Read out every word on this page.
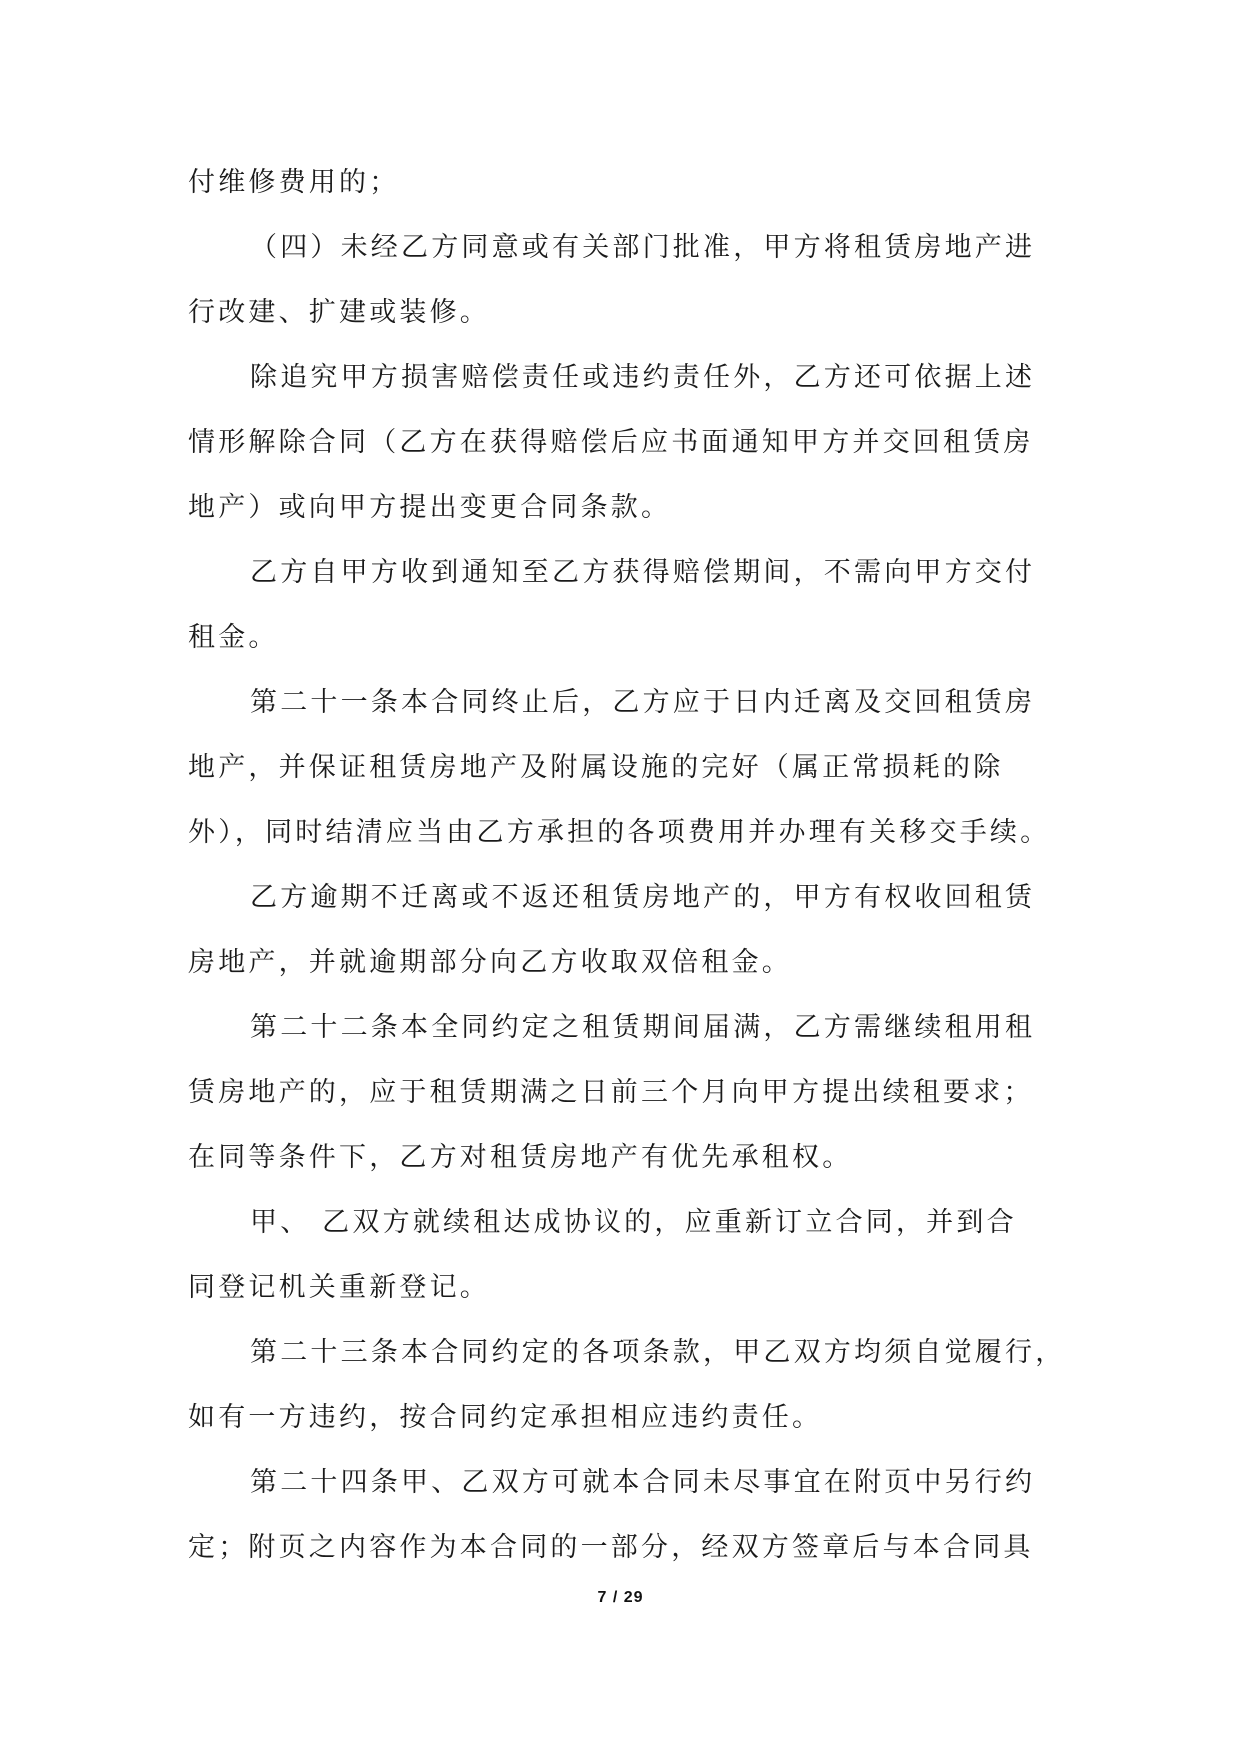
付维修费用的；

（四）未经乙方同意或有关部门批准，甲方将租赁房地产进
行改建、扩建或装修。

除追究甲方损害赔偿责任或违约责任外，乙方还可依据上述
情形解除合同（乙方在获得赔偿后应书面通知甲方并交回租赁房
地产）或向甲方提出变更合同条款。

乙方自甲方收到通知至乙方获得赔偿期间，不需向甲方交付
租金。

第二十一条本合同终止后，乙方应于日内迁离及交回租赁房
地产，并保证租赁房地产及附属设施的完好（属正常损耗的除
外），同时结清应当由乙方承担的各项费用并办理有关移交手续。

乙方逾期不迁离或不返还租赁房地产的，甲方有权收回租赁
房地产，并就逾期部分向乙方收取双倍租金。

第二十二条本全同约定之租赁期间届满，乙方需继续租用租
赁房地产的，应于租赁期满之日前三个月向甲方提出续租要求；
在同等条件下，乙方对租赁房地产有优先承租权。

甲、 乙双方就续租达成协议的，应重新订立合同，并到合
同登记机关重新登记。

第二十三条本合同约定的各项条款，甲乙双方均须自觉履行，
如有一方违约，按合同约定承担相应违约责任。

第二十四条甲、乙双方可就本合同未尽事宜在附页中另行约
定；附页之内容作为本合同的一部分，经双方签章后与本合同具

7 / 29
